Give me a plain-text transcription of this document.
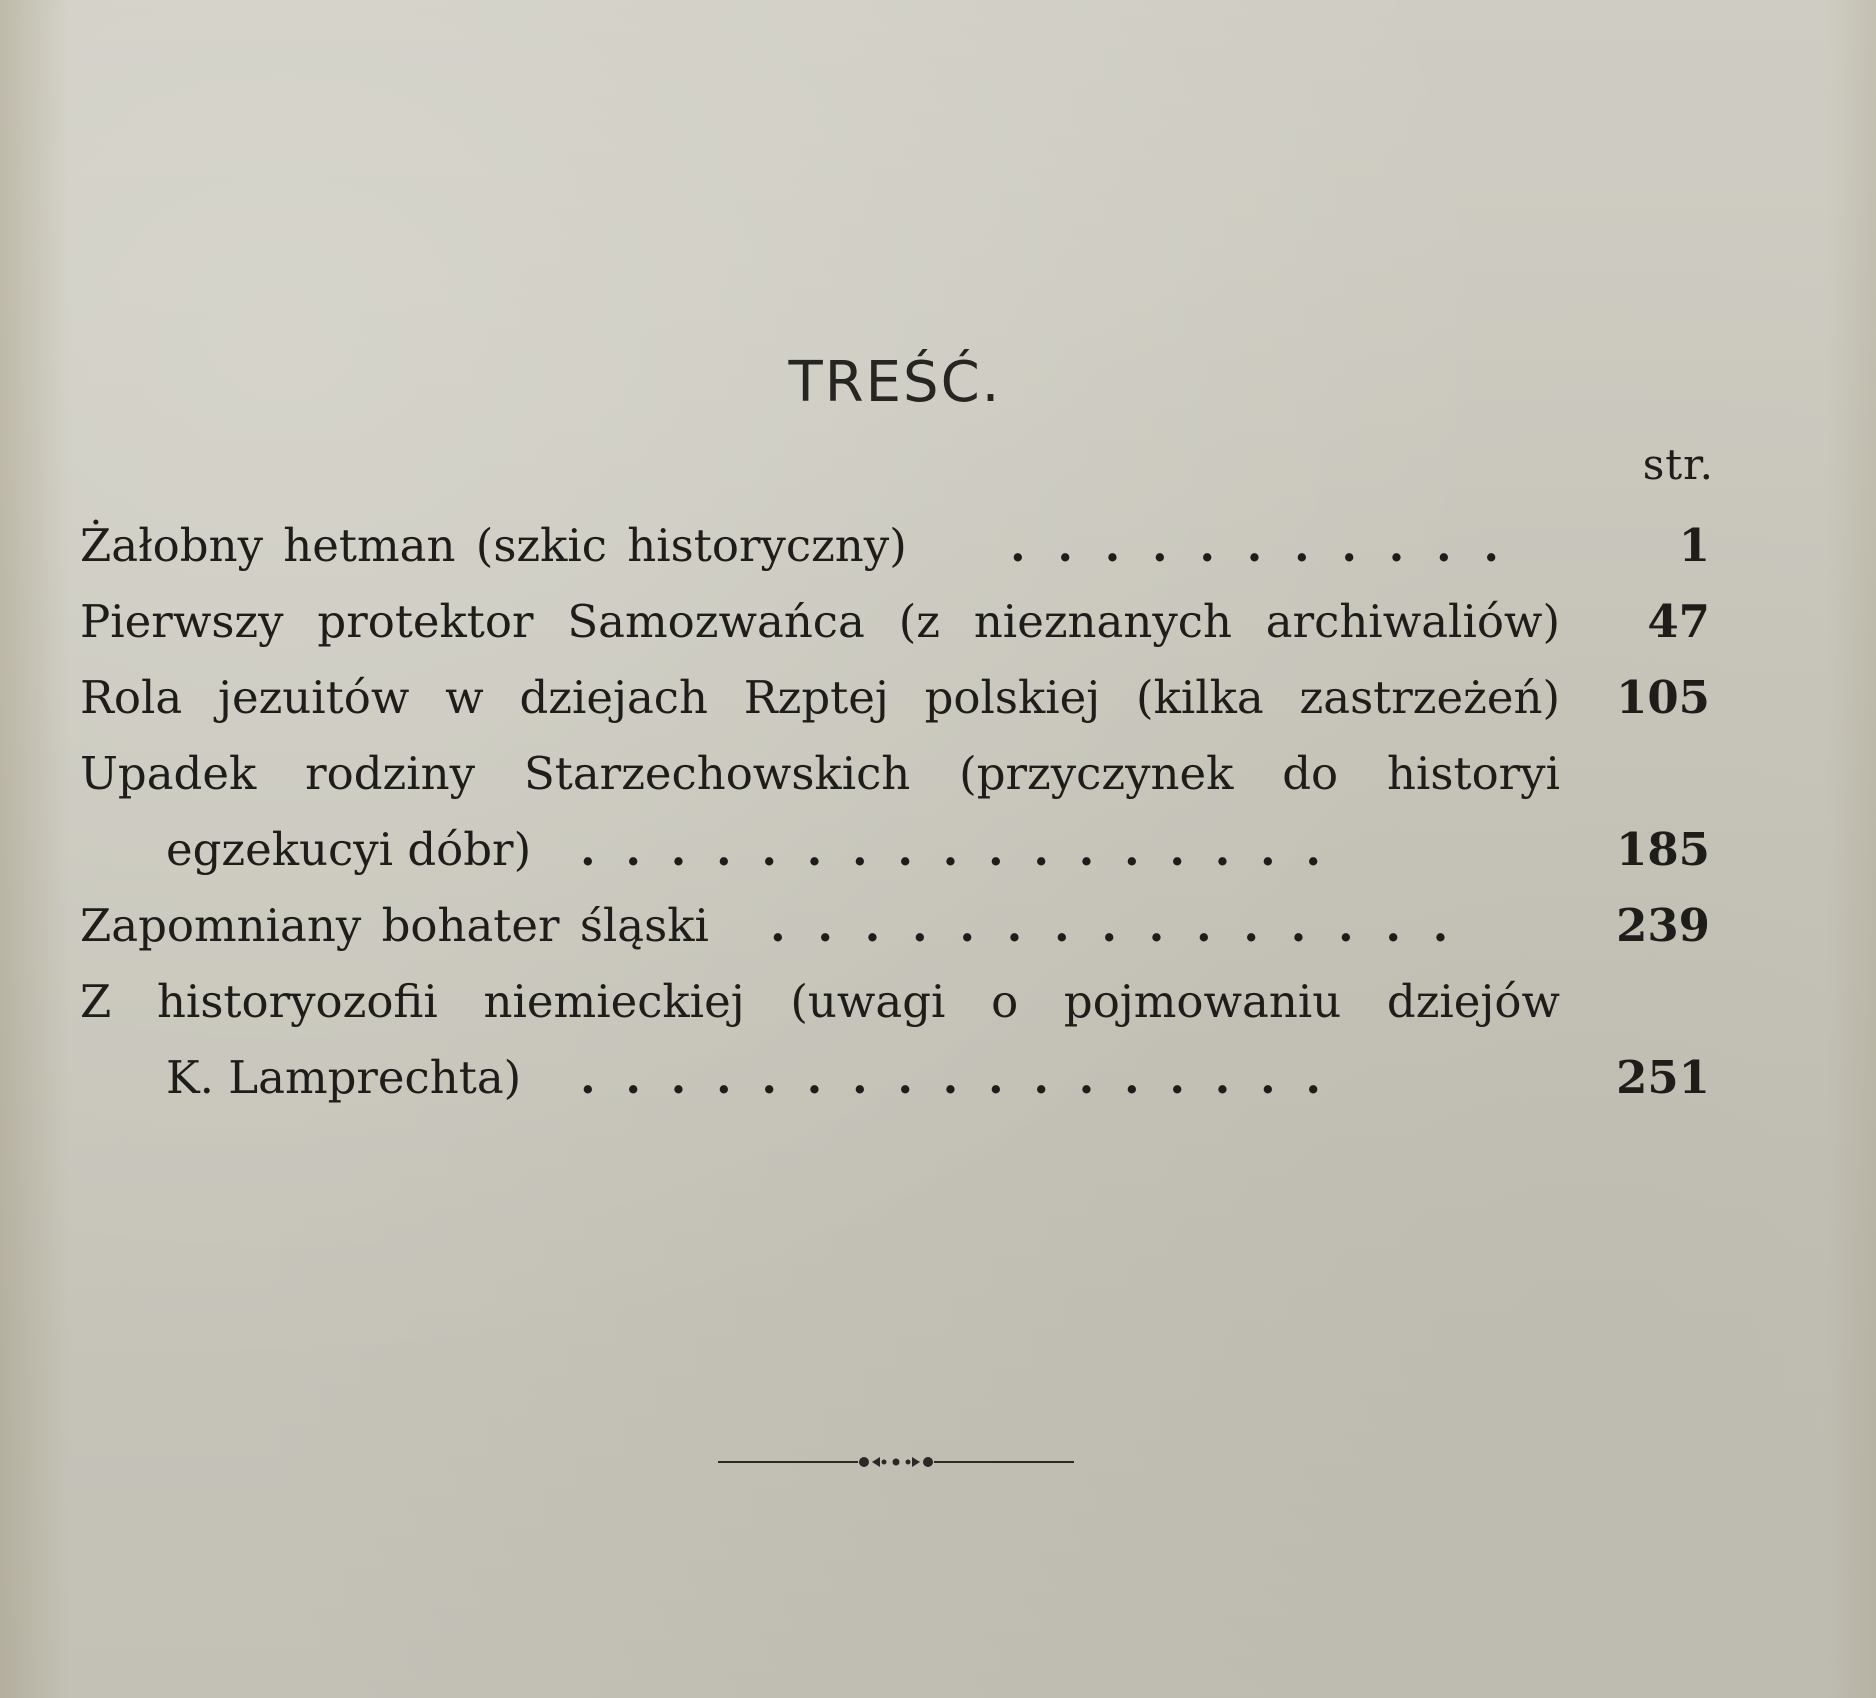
TREŚĆ.
str.
Żałobny hetman (szkic historyczny) . . . . . . . . . . .	1
Pierwszy protektor Samozwańca (z nieznanych archiwaliów)	47
Rola jezuitów w dziejach Rzptej polskiej (kilka zastrzeżeń)	105
Upadek rodziny Starzechowskich (przyczynek do historyi
egzekucyi dóbr) . . . . . . . . . . . . . . . . .	185
Zapomniany bohater śląski . . . . . . . . . . . . . . .	239
Z historyozofii niemieckiej (uwagi o pojmowaniu dziejów
K. Lamprechta) . . . . . . . . . . . . . . . . .	251
